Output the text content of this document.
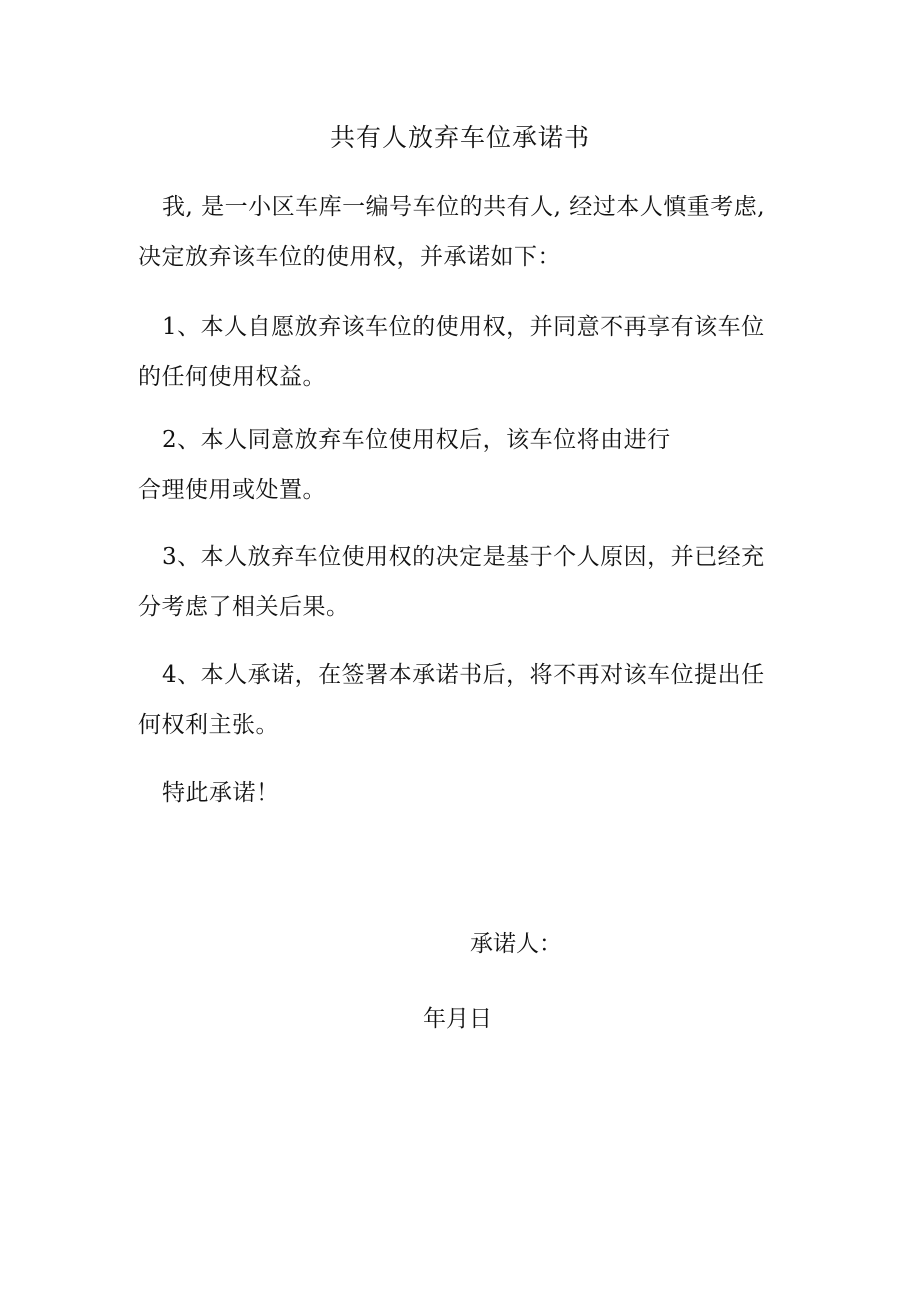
共有人放弃车位承诺书
我, 是一小区车库一编号车位的共有人, 经过本人慎重考虑,
决定放弃该车位的使用权，并承诺如下：
1、本人自愿放弃该车位的使用权，并同意不再享有该车位
的任何使用权益。
2、本人同意放弃车位使用权后，该车位将由进行
合理使用或处置。
3、本人放弃车位使用权的决定是基于个人原因，并已经充
分考虑了相关后果。
4、本人承诺，在签署本承诺书后，将不再对该车位提出任
何权利主张。
特此承诺！
承诺人：
年月日
